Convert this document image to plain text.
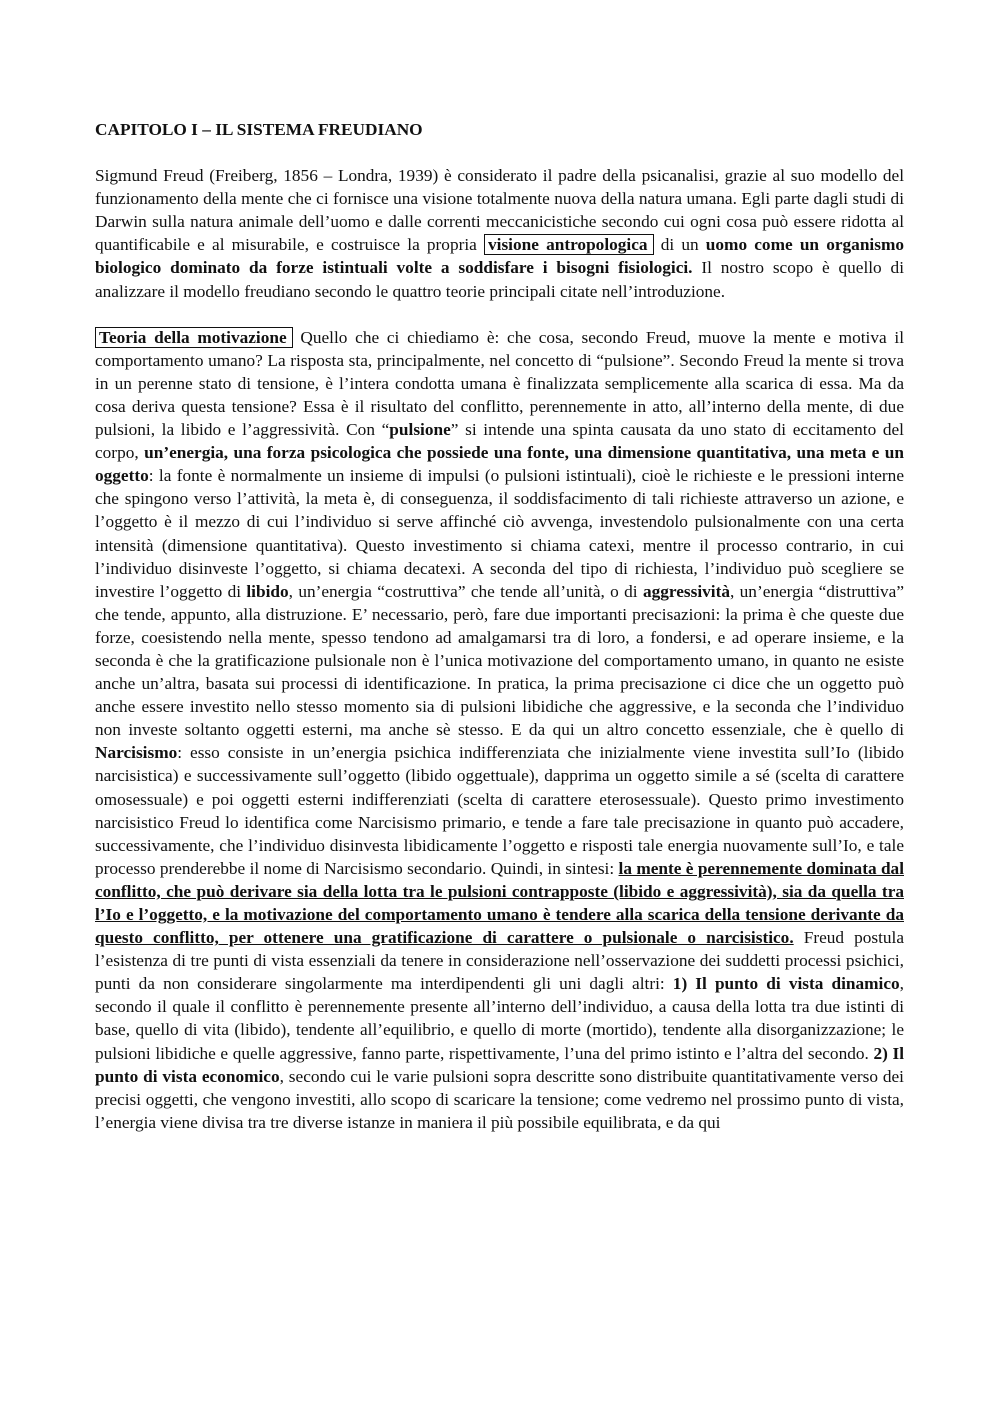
CAPITOLO I – IL SISTEMA FREUDIANO

Sigmund Freud (Freiberg, 1856 – Londra, 1939) è considerato il padre della psicanalisi, grazie al suo modello del funzionamento della mente che ci fornisce una visione totalmente nuova della natura umana. Egli parte dagli studi di Darwin sulla natura animale dell’uomo e dalle correnti meccanicistiche secondo cui ogni cosa può essere ridotta al quantificabile e al misurabile, e costruisce la propria visione antropologica di un uomo come un organismo biologico dominato da forze istintuali volte a soddisfare i bisogni fisiologici. Il nostro scopo è quello di analizzare il modello freudiano secondo le quattro teorie principali citate nell’introduzione.

Teoria della motivazione Quello che ci chiediamo è: che cosa, secondo Freud, muove la mente e motiva il comportamento umano? La risposta sta, principalmente, nel concetto di “pulsione”. Secondo Freud la mente si trova in un perenne stato di tensione, è l’intera condotta umana è finalizzata semplicemente alla scarica di essa. Ma da cosa deriva questa tensione? Essa è il risultato del conflitto, perennemente in atto, all’interno della mente, di due pulsioni, la libido e l’aggressività. Con “pulsione” si intende una spinta causata da uno stato di eccitamento del corpo, un’energia, una forza psicologica che possiede una fonte, una dimensione quantitativa, una meta e un oggetto: la fonte è normalmente un insieme di impulsi (o pulsioni istintuali), cioè le richieste e le pressioni interne che spingono verso l’attività, la meta è, di conseguenza, il soddisfacimento di tali richieste attraverso un azione, e l’oggetto è il mezzo di cui l’individuo si serve affinché ciò avvenga, investendolo pulsionalmente con una certa intensità (dimensione quantitativa). Questo investimento si chiama catexi, mentre il processo contrario, in cui l’individuo disinveste l’oggetto, si chiama decatexi. A seconda del tipo di richiesta, l’individuo può scegliere se investire l’oggetto di libido, un’energia “costruttiva” che tende all’unità, o di aggressività, un’energia “distruttiva” che tende, appunto, alla distruzione. E’ necessario, però, fare due importanti precisazioni: la prima è che queste due forze, coesistendo nella mente, spesso tendono ad amalgamarsi tra di loro, a fondersi, e ad operare insieme, e la seconda è che la gratificazione pulsionale non è l’unica motivazione del comportamento umano, in quanto ne esiste anche un’altra, basata sui processi di identificazione. In pratica, la prima precisazione ci dice che un oggetto può anche essere investito nello stesso momento sia di pulsioni libidiche che aggressive, e la seconda che l’individuo non investe soltanto oggetti esterni, ma anche sè stesso. E da qui un altro concetto essenziale, che è quello di Narcisismo: esso consiste in un’energia psichica indifferenziata che inizialmente viene investita sull’Io (libido narcisistica) e successivamente sull’oggetto (libido oggettuale), dapprima un oggetto simile a sé (scelta di carattere omosessuale) e poi oggetti esterni indifferenziati (scelta di carattere eterosessuale). Questo primo investimento narcisistico Freud lo identifica come Narcisismo primario, e tende a fare tale precisazione in quanto può accadere, successivamente, che l’individuo disinvesta libidicamente l’oggetto e risposti tale energia nuovamente sull’Io, e tale processo prenderebbe il nome di Narcisismo secondario. Quindi, in sintesi: la mente è perennemente dominata dal conflitto, che può derivare sia della lotta tra le pulsioni contrapposte (libido e aggressività), sia da quella tra l’Io e l’oggetto, e la motivazione del comportamento umano è tendere alla scarica della tensione derivante da questo conflitto, per ottenere una gratificazione di carattere o pulsionale o narcisistico. Freud postula l’esistenza di tre punti di vista essenziali da tenere in considerazione nell’osservazione dei suddetti processi psichici, punti da non considerare singolarmente ma interdipendenti gli uni dagli altri: 1) Il punto di vista dinamico, secondo il quale il conflitto è perennemente presente all’interno dell’individuo, a causa della lotta tra due istinti di base, quello di vita (libido), tendente all’equilibrio, e quello di morte (mortido), tendente alla disorganizzazione; le pulsioni libidiche e quelle aggressive, fanno parte, rispettivamente, l’una del primo istinto e l’altra del secondo. 2) Il punto di vista economico, secondo cui le varie pulsioni sopra descritte sono distribuite quantitativamente verso dei precisi oggetti, che vengono investiti, allo scopo di scaricare la tensione; come vedremo nel prossimo punto di vista, l’energia viene divisa tra tre diverse istanze in maniera il più possibile equilibrata, e da qui
